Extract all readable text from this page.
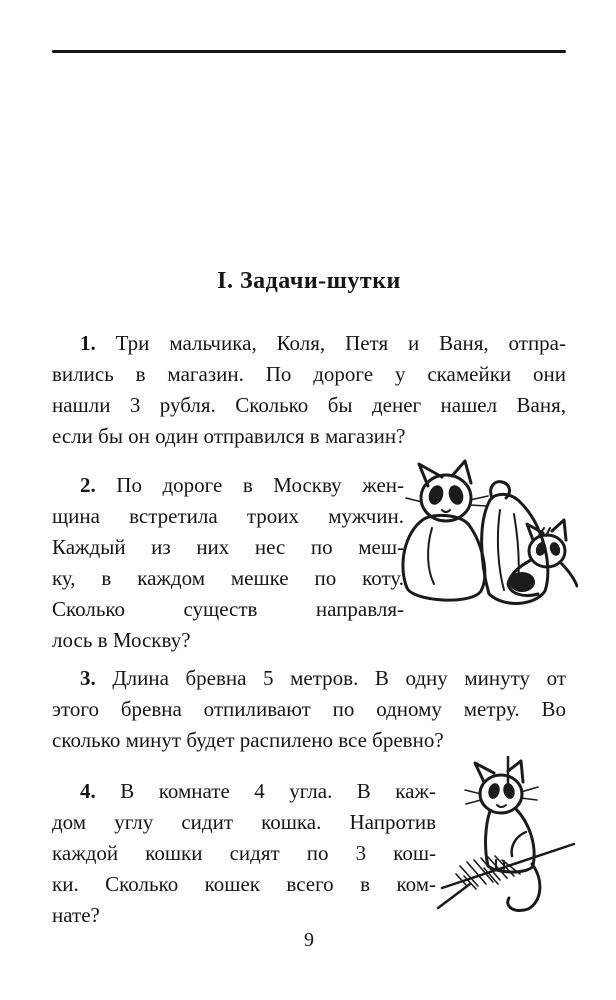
I. Задачи-шутки
1. Три мальчика, Коля, Петя и Ваня, отпра-
вились в магазин. По дороге у скамейки они
нашли 3 рубля. Сколько бы денег нашел Ваня,
если бы он один отправился в магазин?
2. По дороге в Москву жен-
щина встретила троих мужчин.
Каждый из них нес по меш-
ку, в каждом мешке по коту.
Сколько существ направля-
лось в Москву?
3. Длина бревна 5 метров. В одну минуту от
этого бревна отпиливают по одному метру. Во
сколько минут будет распилено все бревно?
4. В комнате 4 угла. В каж-
дом углу сидит кошка. Напротив
каждой кошки сидят по 3 кош-
ки. Сколько кошек всего в ком-
нате?
9
